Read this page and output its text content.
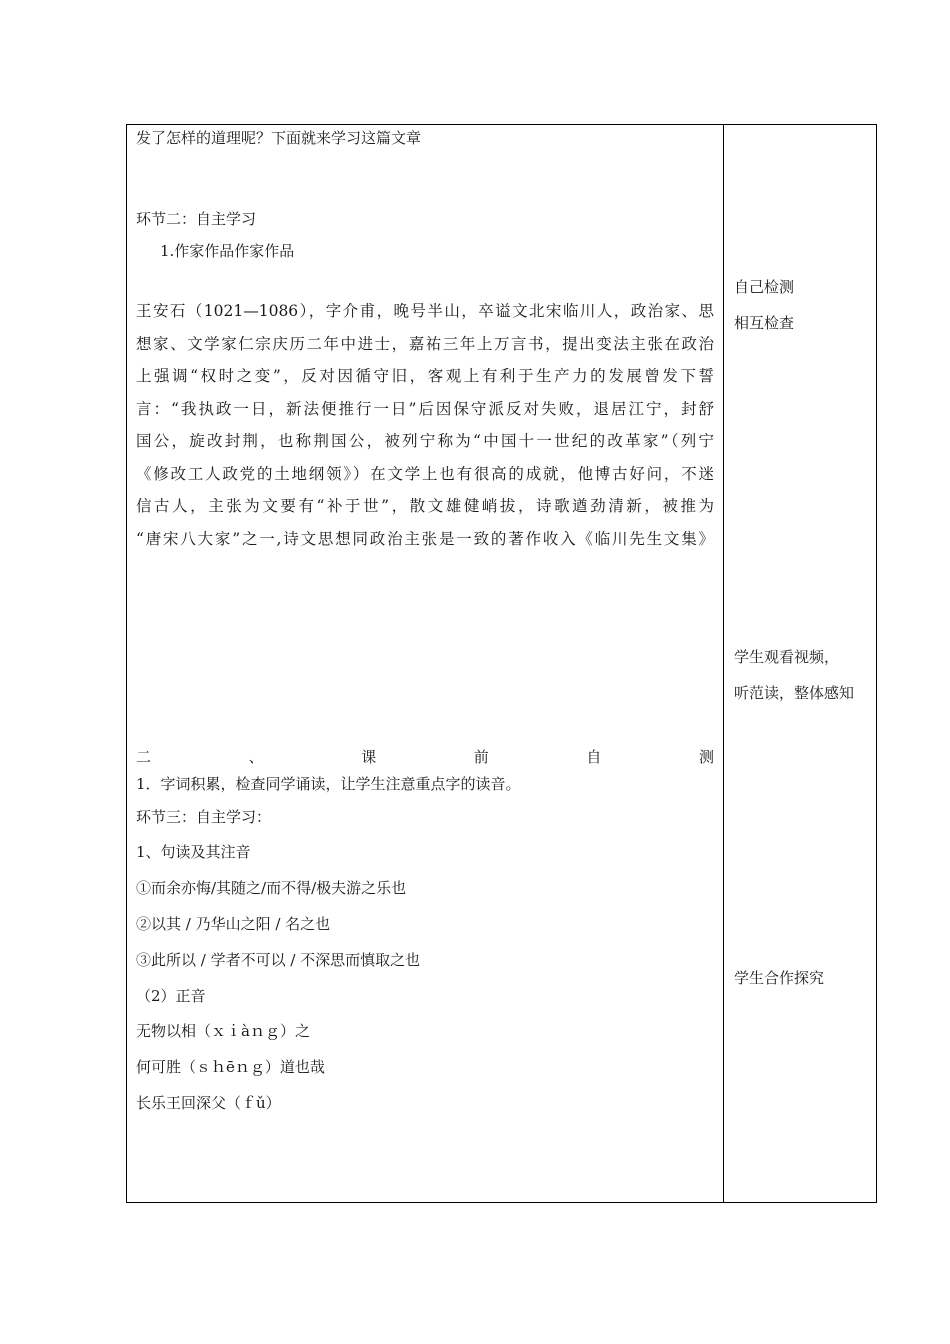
发了怎样的道理呢？下面就来学习这篇文章
环节二：自主学习
1.作家作品作家作品
王安石（1021—1086），字介甫，晚号半山，卒谥文北宋临川人，政治家、思
想家、文学家仁宗庆历二年中进士，嘉祐三年上万言书，提出变法主张在政治
上强调“权时之变”，反对因循守旧，客观上有利于生产力的发展曾发下誓
言：“我执政一日，新法便推行一日”后因保守派反对失败，退居江宁，封舒
国公，旋改封荆，也称荆国公，被列宁称为“中国十一世纪的改革家”（列宁
《修改工人政党的土地纲领》）在文学上也有很高的成就，他博古好问，不迷
信古人，主张为文要有“补于世”，散文雄健峭拔，诗歌遒劲清新，被推为
“唐宋八大家”之一,诗文思想同政治主张是一致的著作收入《临川先生文集》
二	、	课	前	自	测
1．字词积累，检查同学诵读，让学生注意重点字的读音。
环节三：自主学习：
1、句读及其注音
①而余亦悔/其随之/而不得/极夫游之乐也
②以其 / 乃华山之阳 / 名之也
③此所以 / 学者不可以 / 不深思而慎取之也
（2）正音
无物以相（ｘｉàｎｇ）之
何可胜（ｓｈēｎｇ）道也哉
长乐王回深父（ｆǔ）
自己检测
相互检查
学生观看视频，
听范读，整体感知
学生合作探究
